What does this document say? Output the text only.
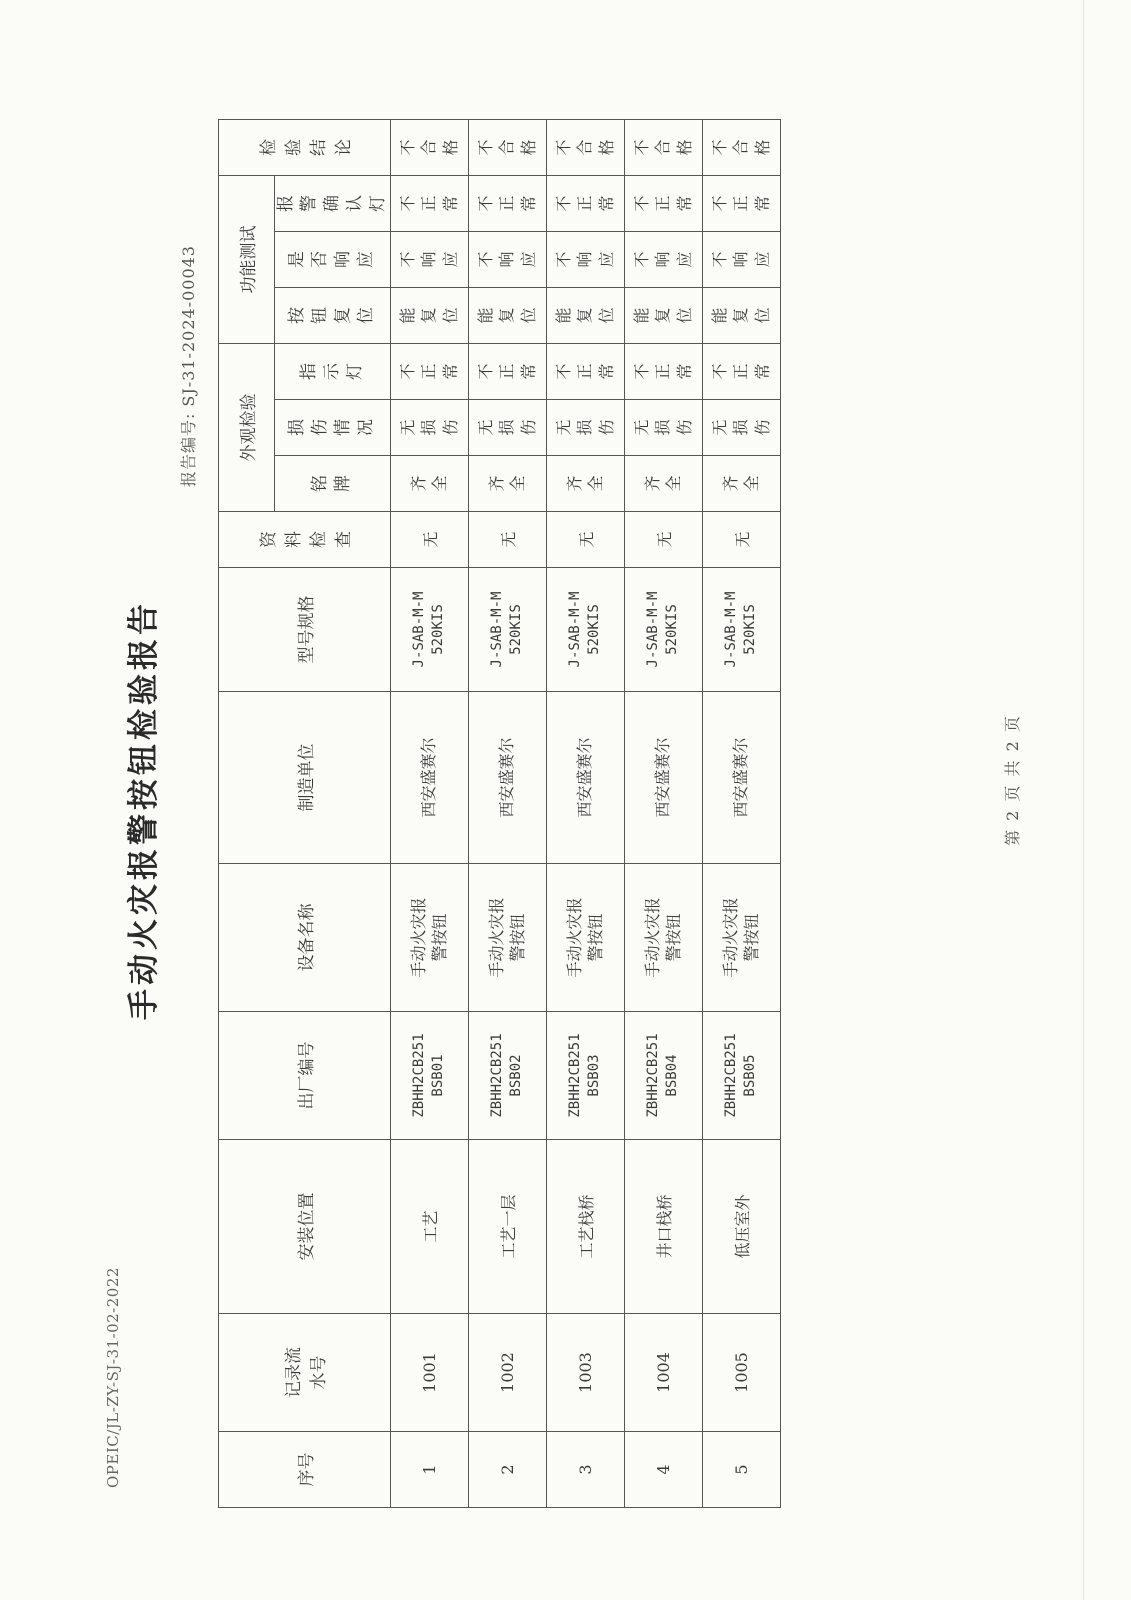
OPEIC/JL-ZY-SJ-31-02-2022
手动火灾报警按钮检验报告
报告编号: SJ-31-2024-00043
序号	记录流水号	安装位置	出厂编号	设备名称	制造单位	型号规格	资料检查	外观检验			功能测试			检验结论

								铭牌	损伤情况	指示灯	按钮复位	是否响应	报警确认灯	

1	1001	工艺	ZBHH2CB251 BSB01	手动火灾报警按钮	西安盛赛尔	J-SAB-M-M 520KIS	无	齐全	无损伤	不正常	能复位	不响应	不正常	不合格

2	1002	工艺一层	ZBHH2CB251 BSB02	手动火灾报警按钮	西安盛赛尔	J-SAB-M-M 520KIS	无	齐全	无损伤	不正常	能复位	不响应	不正常	不合格

3	1003	工艺栈桥	ZBHH2CB251 BSB03	手动火灾报警按钮	西安盛赛尔	J-SAB-M-M 520KIS	无	齐全	无损伤	不正常	能复位	不响应	不正常	不合格

4	1004	井口栈桥	ZBHH2CB251 BSB04	手动火灾报警按钮	西安盛赛尔	J-SAB-M-M 520KIS	无	齐全	无损伤	不正常	能复位	不响应	不正常	不合格

5	1005	低压室外	ZBHH2CB251 BSB05	手动火灾报警按钮	西安盛赛尔	J-SAB-M-M 520KIS	无	齐全	无损伤	不正常	能复位	不响应	不正常	不合格
第 2 页 共 2 页
